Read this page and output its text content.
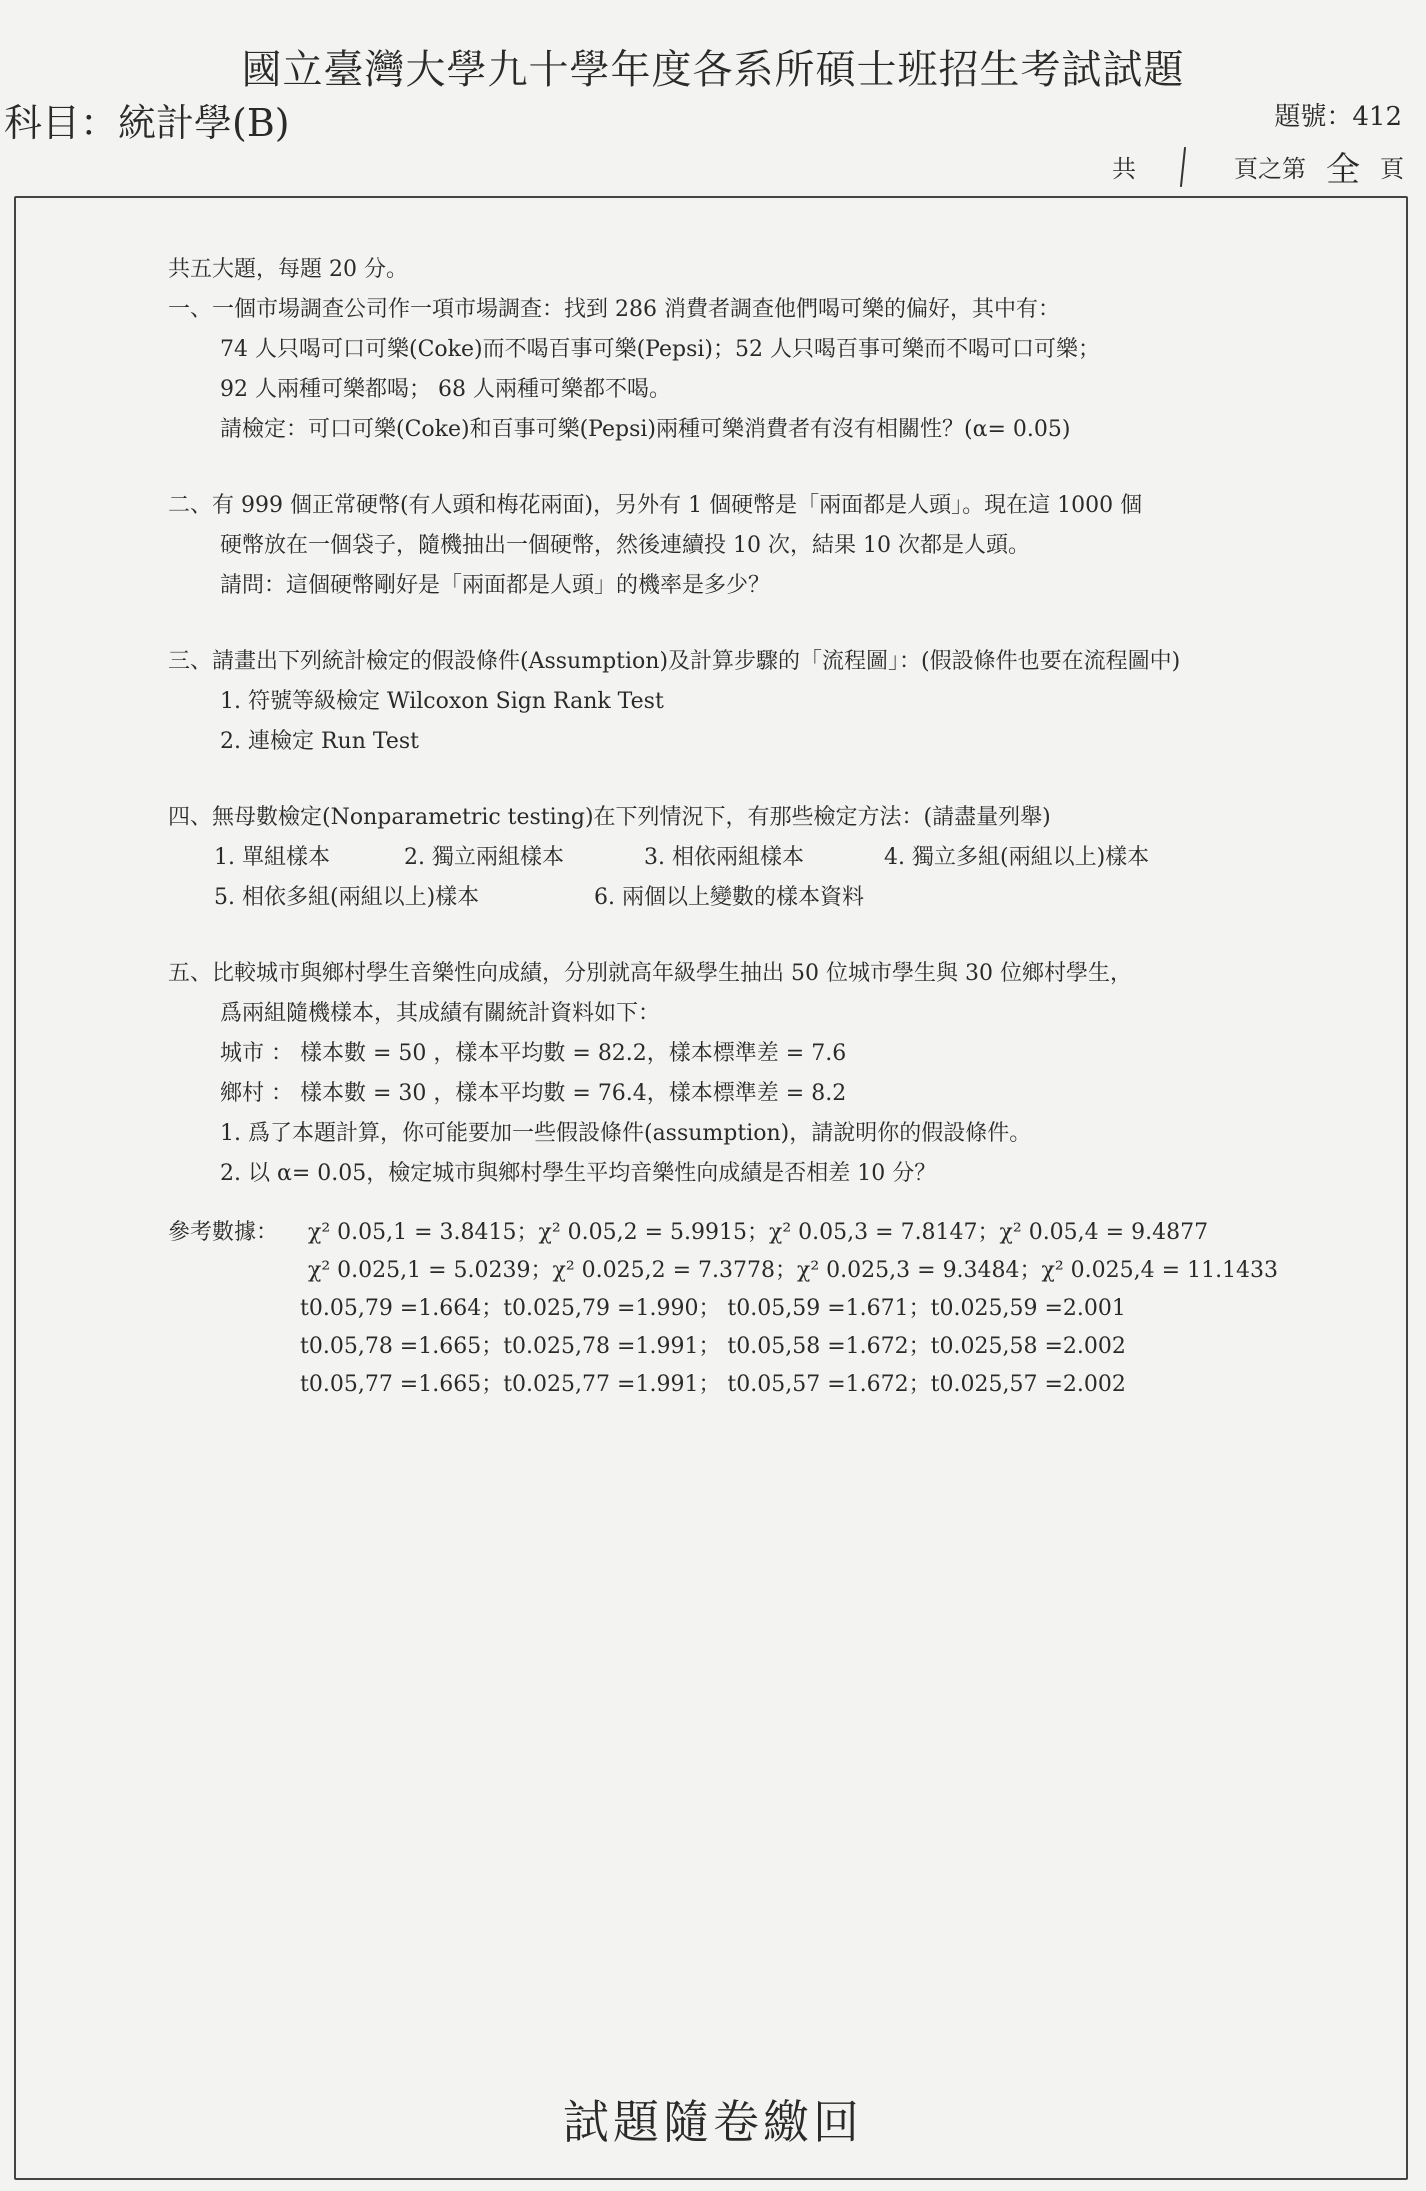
國立臺灣大學九十學年度各系所碩士班招生考試試題
科目：統計學(B)	題號：412
共	頁之第 全 頁
共五大題，每題 20 分。
一、一個市場調查公司作一項市場調查：找到 286 消費者調查他們喝可樂的偏好，其中有：
74 人只喝可口可樂(Coke)而不喝百事可樂(Pepsi)；52 人只喝百事可樂而不喝可口可樂；
92 人兩種可樂都喝； 68 人兩種可樂都不喝。
請檢定：可口可樂(Coke)和百事可樂(Pepsi)兩種可樂消費者有沒有相關性？(α= 0.05)
二、有 999 個正常硬幣(有人頭和梅花兩面)，另外有 1 個硬幣是「兩面都是人頭」。現在這 1000 個
硬幣放在一個袋子，隨機抽出一個硬幣，然後連續投 10 次，結果 10 次都是人頭。
請問：這個硬幣剛好是「兩面都是人頭」的機率是多少？
三、請畫出下列統計檢定的假設條件(Assumption)及計算步驟的「流程圖」：(假設條件也要在流程圖中)
1. 符號等級檢定 Wilcoxon Sign Rank Test
2. 連檢定 Run Test
四、無母數檢定(Nonparametric testing)在下列情況下，有那些檢定方法：(請盡量列舉)
1. 單組樣本	2. 獨立兩組樣本	3. 相依兩組樣本	4. 獨立多組(兩組以上)樣本
5. 相依多組(兩組以上)樣本	6. 兩個以上變數的樣本資料
五、比較城市與鄉村學生音樂性向成績，分別就高年級學生抽出 50 位城市學生與 30 位鄉村學生，
爲兩組隨機樣本，其成績有關統計資料如下：
城市 ： 樣本數 = 50 ，樣本平均數 = 82.2，樣本標準差 = 7.6
鄉村 ： 樣本數 = 30 ，樣本平均數 = 76.4，樣本標準差 = 8.2
1. 爲了本題計算，你可能要加一些假設條件(assumption)，請說明你的假設條件。
2. 以 α= 0.05，檢定城市與鄉村學生平均音樂性向成績是否相差 10 分？
參考數據： χ² 0.05,1 = 3.8415；χ² 0.05,2 = 5.9915；χ² 0.05,3 = 7.8147；χ² 0.05,4 = 9.4877
χ² 0.025,1 = 5.0239；χ² 0.025,2 = 7.3778；χ² 0.025,3 = 9.3484；χ² 0.025,4 = 11.1433
t0.05,79 =1.664；t0.025,79 =1.990； t0.05,59 =1.671；t0.025,59 =2.001
t0.05,78 =1.665；t0.025,78 =1.991； t0.05,58 =1.672；t0.025,58 =2.002
t0.05,77 =1.665；t0.025,77 =1.991； t0.05,57 =1.672；t0.025,57 =2.002
試題隨卷繳回
